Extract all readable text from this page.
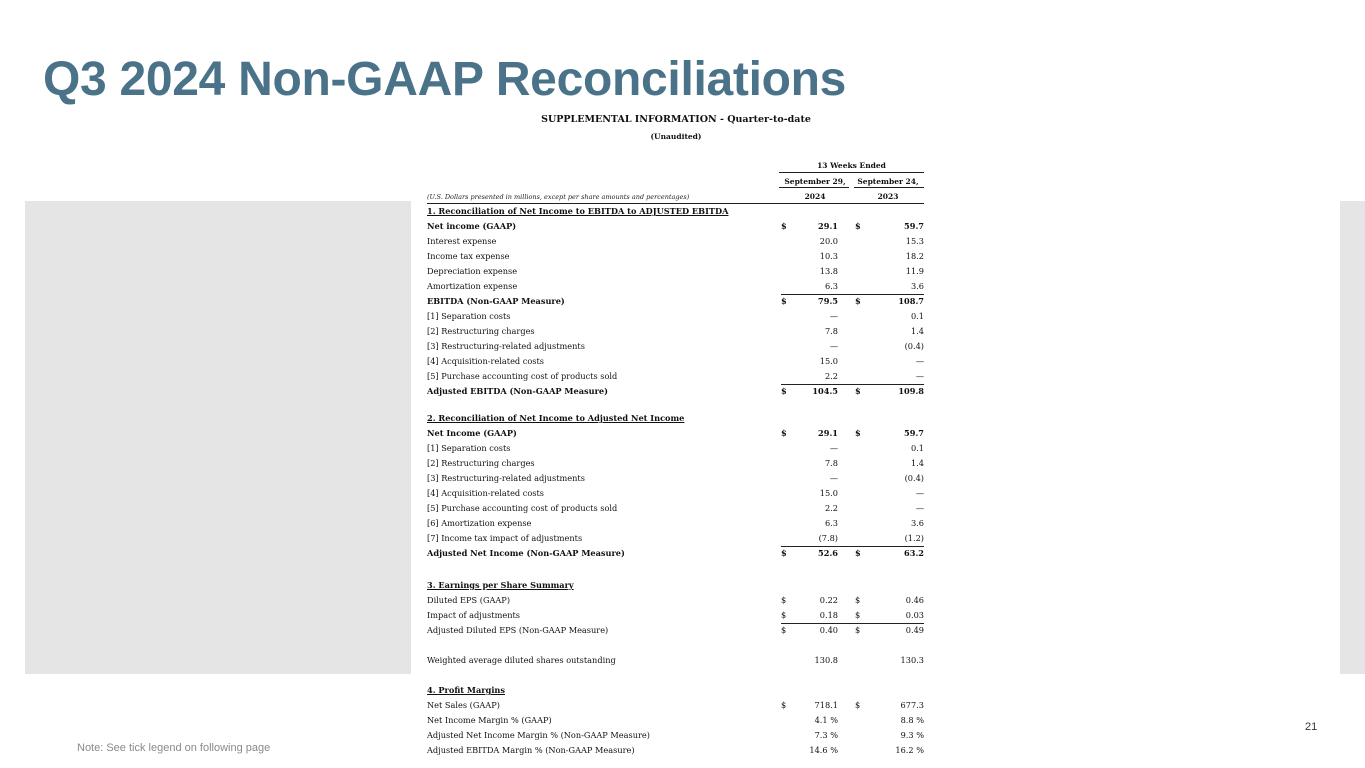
Q3 2024 Non-GAAP Reconciliations
SUPPLEMENTAL INFORMATION - Quarter-to-date
(Unaudited)
13 Weeks Ended
September 29,	September 24,
2024	2023
(U.S. Dollars presented in millions, except per share amounts and percentages)
1. Reconciliation of Net Income to EBITDA to ADJUSTED EBITDA
Net income (GAAP)	$	29.1 $	59.7
Interest expense	20.0	15.3
Income tax expense	10.3	18.2
Depreciation expense	13.8	11.9
Amortization expense	6.3	3.6
EBITDA (Non-GAAP Measure)	$	79.5 $	108.7
[1] Separation costs	—	0.1
[2] Restructuring charges	7.8	1.4
[3] Restructuring-related adjustments	—	(0.4)
[4] Acquisition-related costs	15.0	—
[5] Purchase accounting cost of products sold	2.2	—
Adjusted EBITDA (Non-GAAP Measure)	$	104.5 $	109.8
2. Reconciliation of Net Income to Adjusted Net Income
Net Income (GAAP)	$	29.1 $	59.7
[1] Separation costs	—	0.1
[2] Restructuring charges	7.8	1.4
[3] Restructuring-related adjustments	—	(0.4)
[4] Acquisition-related costs	15.0	—
[5] Purchase accounting cost of products sold	2.2	—
[6] Amortization expense	6.3	3.6
[7] Income tax impact of adjustments	(7.8)	(1.2)
Adjusted Net Income (Non-GAAP Measure)	$	52.6 $	63.2
3. Earnings per Share Summary
Diluted EPS (GAAP)	$	0.22 $	0.46
Impact of adjustments	$	0.18 $	0.03
Adjusted Diluted EPS (Non-GAAP Measure)	$	0.40 $	0.49
Weighted average diluted shares outstanding	130.8	130.3
4. Profit Margins
Net Sales (GAAP)	$	718.1 $	677.3
Net Income Margin % (GAAP)	4.1 %	8.8 %
Adjusted Net Income Margin % (Non-GAAP Measure)	7.3 %	9.3 %
Adjusted EBITDA Margin % (Non-GAAP Measure)	14.6 %	16.2 %
21
Note: See tick legend on following page
